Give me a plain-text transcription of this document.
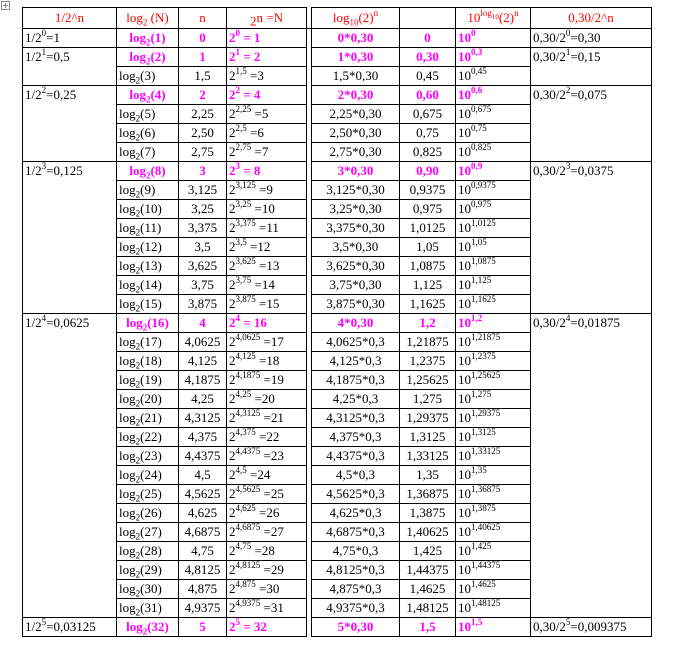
+
1/2^n	$\log_2 (N)$	n	$_2$n =N		$\log_{10}(2)^n$		$10^{log_{10}}(2)^n$	0,30/2^n
$1/2^0=1$	$\log_2(1)$	0	$2^0 = 1$		0*0,30	0	$10^0$	$0,30/2^0=0,30$
$1/2^1=0,5$	$\log_2(2)$	1	$2^1 = 2$		1*0,30	0,30	10$^{0,3}$	$0,30/2^1=0,15$
	$\log_2(3)$	1,5	$2^{1,5} =3$		1,5*0,30	0,45	10$^{0,45}$	
$1/2^2=0,25$	$\log_2(4)$	2	$2^2 = 4$		2*0,30	0,60	10$^{0,6}$	$0,30/2^2=0,075$
	$\log_2(5)$	2,25	$2^{2,25} =5$		2,25*0,30	0,675	10$^{0,675}$	
	$\log_2(6)$	2,50	$2^{2,5} =6$		2,50*0,30	0,75	10$^{0,75}$	
	$\log_2(7)$	2,75	$2^{2,75} =7$		2,75*0,30	0,825	10$^{0,825}$	
$1/2^3=0,125$	$\log_2(8)$	3	$2^3 = 8$		3*0,30	0,90	10$^{0,9}$	$0,30/2^3=0,0375$
	$\log_2(9)$	3,125	$2^{3,125} =9$		3,125*0,30	0,9375	$10^{0,9375}$	
	$\log_2(10)$	3,25	$2^{3,25} =10$		3,25*0,30	0,975	10$^{0,975}$	
	$\log_2(11)$	3,375	$2^{3,375} =11$		3,375*0,30	1,0125	$10^{1,0125}$	
	$\log_2(12)$	3,5	$2^{3,5} =12$		3,5*0,30	1,05	10$^{1,05}$	
	$\log_2(13)$	3,625	$2^{3,625} =13$		3,625*0,30	1,0875	$10^{1,0875}$	
	$\log_2(14)$	3,75	$2^{3,75} =14$		3,75*0,30	1,125	10$^{1,125}$	
	$\log_2(15)$	3,875	$2^{3,875} =15$		3,875*0,30	1,1625	$10^{1,1625}$	
$1/2^4=0,0625$	$\log_2(16)$	4	$2^4 = 16$		4*0,30	1,2	10$^{1,2}$	$0,30/2^4=0,01875$
	$\log_2(17)$	4,0625	$2^{4,0625} =17$		4,0625*0,3	1,21875	$10^{1,21875}$	
	$\log_2(18)$	4,125	$2^{4,125} =18$		4,125*0,3	1,2375	$10^{1,2375}$	
	$\log_2(19)$	4,1875	$2^{4,1875} =19$		4,1875*0,3	1,25625	$10^{1,25625}$	
	$\log_2(20)$	4,25	$2^{4,25} =20$		4,25*0,3	1,275	10$^{1,275}$	
	$\log_2(21)$	4,3125	$2^{4,3125} =21$		4,3125*0,3	1,29375	$10^{1,29375}$	
	$\log_2(22)$	4,375	$2^{4,375} =22$		4,375*0,3	1,3125	$10^{1,3125}$	
	$\log_2(23)$	4,4375	$2^{4,4375} =23$		4,4375*0,3	1,33125	$10^{1,33125}$	
	$\log_2(24)$	4,5	$2^{4,5} =24$		4,5*0,3	1,35	10$^{1,35}$	
	$\log_2(25)$	4,5625	$2^{4,5625} =25$		4,5625*0,3	1,36875	$10^{1,36875}$	
	$\log_2(26)$	4,625	$2^{4,625} =26$		4,625*0,3	1,3875	$10^{1,3875}$	
	$\log_2(27)$	4,6875	$2^{4,6875} =27$		4,6875*0,3	1,40625	$10^{1,40625}$	
	$\log_2(28)$	4,75	$2^{4,75} =28$		4,75*0,3	1,425	10$^{1,425}$	
	$\log_2(29)$	4,8125	$2^{4,8125} =29$		4,8125*0,3	1,44375	$10^{1,44375}$	
	$\log_2(30)$	4,875	$2^{4,875} =30$		4,875*0,3	1,4625	$10^{1,4625}$	
	$\log_2(31)$	4,9375	$2^{4,9375} =31$		4,9375*0,3	1,48125	$10^{1,48125}$	
$1/2^5=0,03125$	$\log_2(32)$	5	$2^5 = 32$		5*0,30	1,5	10$^{1,5}$	$0,30/2^5=0,009375$
